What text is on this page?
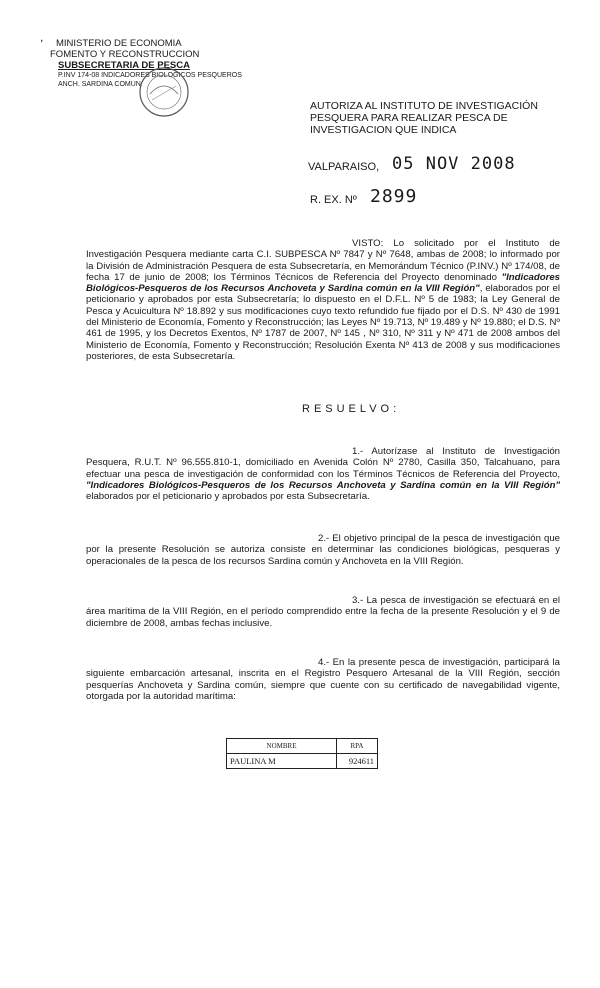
, MINISTERIO DE ECONOMIA
FOMENTO Y RECONSTRUCCION
SUBSECRETARIA DE PESCA
P.INV 174-08 INDICADORES BIOLOGICOS PESQUEROS
ANCH. SARDINA COMUN
AUTORIZA AL INSTITUTO DE INVESTIGACIÓN PESQUERA PARA REALIZAR PESCA DE INVESTIGACION QUE INDICA
VALPARAISO, 05 NOV 2008
R. EX. Nº 2899
VISTO: Lo solicitado por el Instituto de Investigación Pesquera mediante carta C.I. SUBPESCA Nº 7847 y Nº 7648, ambas de 2008; lo informado por la División de Administración Pesquera de esta Subsecretaría, en Memorándum Técnico (P.INV.) Nº 174/08, de fecha 17 de junio de 2008; los Términos Técnicos de Referencia del Proyecto denominado "Indicadores Biológicos-Pesqueros de los Recursos Anchoveta y Sardina común en la VIII Región", elaborados por el peticionario y aprobados por esta Subsecretaría; lo dispuesto en el D.F.L. Nº 5 de 1983; la Ley General de Pesca y Acuicultura Nº 18.892 y sus modificaciones cuyo texto refundido fue fijado por el D.S. Nº 430 de 1991 del Ministerio de Economía, Fomento y Reconstrucción; las Leyes Nº 19.713, Nº 19.489 y Nº 19.880; el D.S. Nº 461 de 1995, y los Decretos Exentos, Nº 1787 de 2007, Nº 145 , Nº 310, Nº 311 y Nº 471 de 2008 ambos del Ministerio de Economía, Fomento y Reconstrucción; Resolución Exenta Nº 413 de 2008 y sus modificaciones posteriores, de esta Subsecretaría.
RESUELVO:
1.- Autorízase al Instituto de Investigación Pesquera, R.U.T. Nº 96.555.810-1, domiciliado en Avenida Colón Nº 2780, Casilla 350, Talcahuano, para efectuar una pesca de investigación de conformidad con los Términos Técnicos de Referencia del Proyecto, "Indicadores Biológicos-Pesqueros de los Recursos Anchoveta y Sardina común en la VIII Región" elaborados por el peticionario y aprobados por esta Subsecretaría.
2.- El objetivo principal de la pesca de investigación que por la presente Resolución se autoriza consiste en determinar las condiciones biológicas, pesqueras y operacionales de la pesca de los recursos Sardina común y Anchoveta en la VIII Región.
3.- La pesca de investigación se efectuará en el área marítima de la VIII Región, en el período comprendido entre la fecha de la presente Resolución y el 9 de diciembre de 2008, ambas fechas inclusive.
4.- En la presente pesca de investigación, participará la siguiente embarcación artesanal, inscrita en el Registro Pesquero Artesanal de la VIII Región, sección pesquerías Anchoveta y Sardina común, siempre que cuente con su certificado de navegabilidad vigente, otorgada por la autoridad marítima:
NOMBRE	RPA
PAULINA M	924611
